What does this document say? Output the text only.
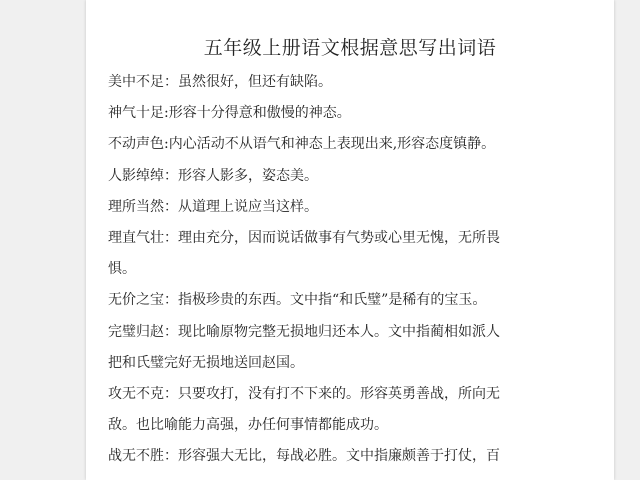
五年级上册语文根据意思写出词语
美中不足：虽然很好，但还有缺陷。
神气十足:形容十分得意和傲慢的神态。
不动声色:内心活动不从语气和神态上表现出来,形容态度镇静。
人影绰绰：形容人影多，姿态美。
理所当然：从道理上说应当这样。
理直气壮：理由充分，因而说话做事有气势或心里无愧，无所畏
惧。
无价之宝：指极珍贵的东西。文中指“和氏璧”是稀有的宝玉。
完璧归赵：现比喻原物完整无损地归还本人。文中指蔺相如派人
把和氏璧完好无损地送回赵国。
攻无不克：只要攻打，没有打不下来的。形容英勇善战，所向无
敌。也比喻能力高强，办任何事情都能成功。
战无不胜：形容强大无比，每战必胜。文中指廉颇善于打仗，百
